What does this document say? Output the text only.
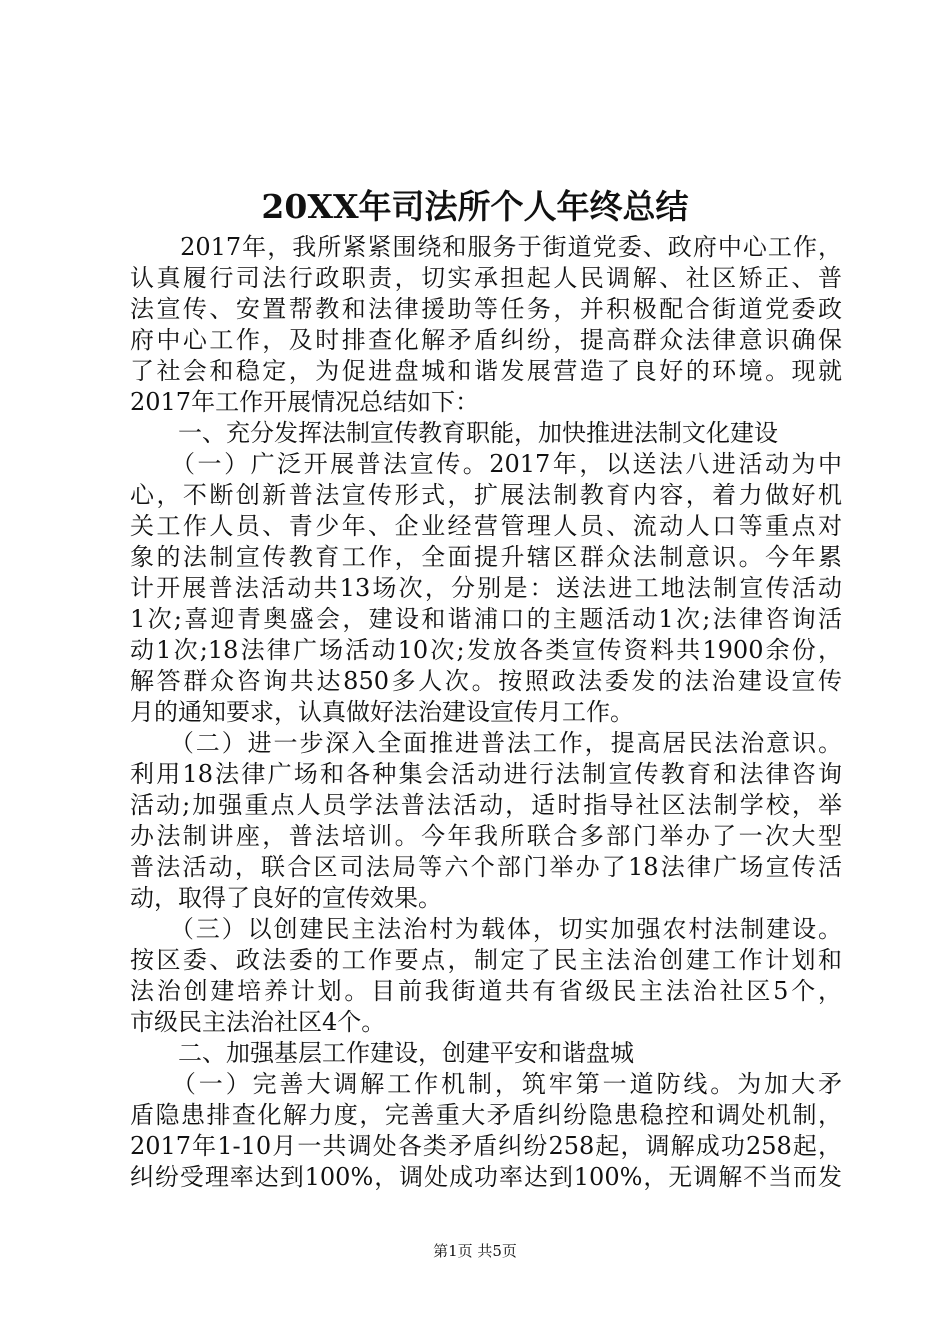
20XX年司法所个人年终总结
　　2017年，我所紧紧围绕和服务于街道党委、政府中心工作，
认真履行司法行政职责，切实承担起人民调解、社区矫正、普
法宣传、安置帮教和法律援助等任务，并积极配合街道党委政
府中心工作，及时排查化解矛盾纠纷，提高群众法律意识确保
了社会和稳定，为促进盘城和谐发展营造了良好的环境。现就
2017年工作开展情况总结如下：
　　一、充分发挥法制宣传教育职能，加快推进法制文化建设
　　（一）广泛开展普法宣传。2017年，以送法八进活动为中
心，不断创新普法宣传形式，扩展法制教育内容，着力做好机
关工作人员、青少年、企业经营管理人员、流动人口等重点对
象的法制宣传教育工作，全面提升辖区群众法制意识。今年累
计开展普法活动共13场次，分别是：送法进工地法制宣传活动
1次;喜迎青奥盛会，建设和谐浦口的主题活动1次;法律咨询活
动1次;18法律广场活动10次;发放各类宣传资料共1900余份，
解答群众咨询共达850多人次。按照政法委发的法治建设宣传
月的通知要求，认真做好法治建设宣传月工作。
　　（二）进一步深入全面推进普法工作，提高居民法治意识。
利用18法律广场和各种集会活动进行法制宣传教育和法律咨询
活动;加强重点人员学法普法活动，适时指导社区法制学校，举
办法制讲座，普法培训。今年我所联合多部门举办了一次大型
普法活动，联合区司法局等六个部门举办了18法律广场宣传活
动，取得了良好的宣传效果。
　　（三）以创建民主法治村为载体，切实加强农村法制建设。
按区委、政法委的工作要点，制定了民主法治创建工作计划和
法治创建培养计划。目前我街道共有省级民主法治社区5个，
市级民主法治社区4个。
　　二、加强基层工作建设，创建平安和谐盘城
　　（一）完善大调解工作机制，筑牢第一道防线。为加大矛
盾隐患排查化解力度，完善重大矛盾纠纷隐患稳控和调处机制，
2017年1-10月一共调处各类矛盾纠纷258起，调解成功258起，
纠纷受理率达到100%，调处成功率达到100%，无调解不当而发
第1页 共5页
